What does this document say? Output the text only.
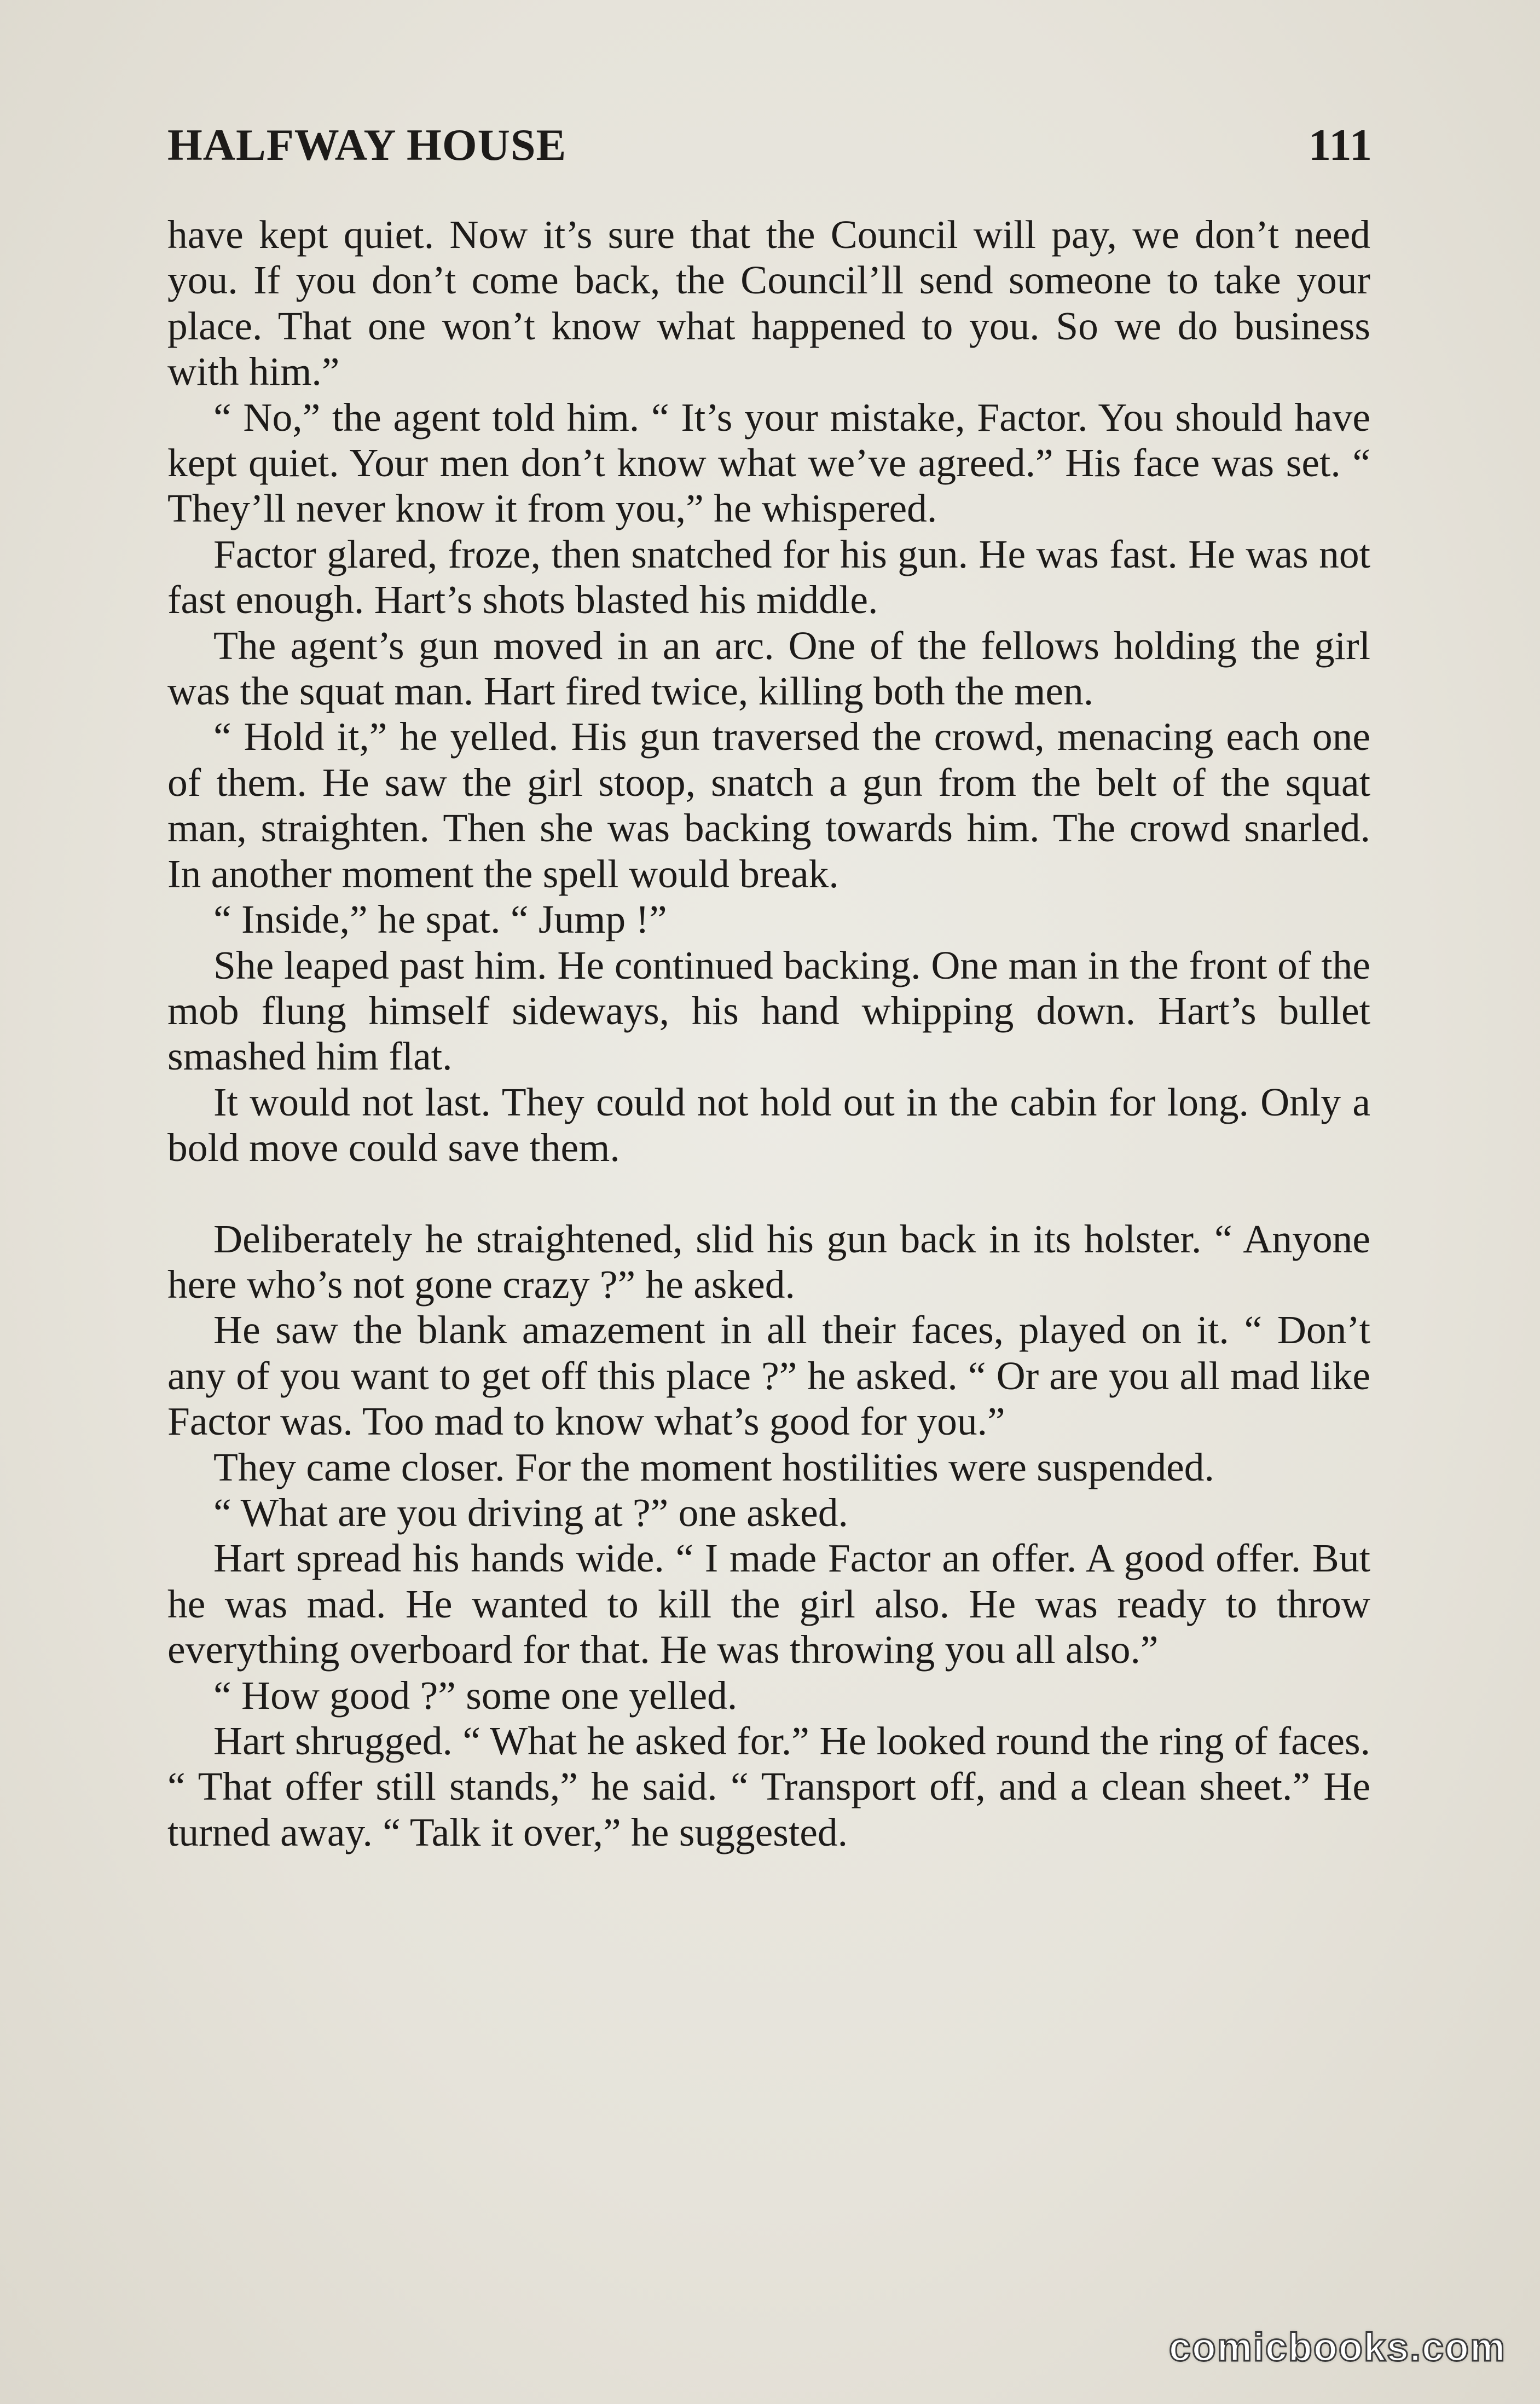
HALFWAY HOUSE	111

have kept quiet. Now it’s sure that the Council will pay, we don’t need you. If you don’t come back, the Council’ll send someone to take your place. That one won’t know what happened to you. So we do business with him.”

“ No,” the agent told him. “ It’s your mistake, Factor. You should have kept quiet. Your men don’t know what we’ve agreed.” His face was set. “ They’ll never know it from you,” he whispered.

Factor glared, froze, then snatched for his gun. He was fast. He was not fast enough. Hart’s shots blasted his middle.

The agent’s gun moved in an arc. One of the fellows holding the girl was the squat man. Hart fired twice, killing both the men.

“ Hold it,” he yelled. His gun traversed the crowd, menacing each one of them. He saw the girl stoop, snatch a gun from the belt of the squat man, straighten. Then she was backing towards him. The crowd snarled. In another moment the spell would break.

“ Inside,” he spat. “ Jump !”

She leaped past him. He continued backing. One man in the front of the mob flung himself sideways, his hand whipping down. Hart’s bullet smashed him flat.

It would not last. They could not hold out in the cabin for long. Only a bold move could save them.

Deliberately he straightened, slid his gun back in its holster. “ Anyone here who’s not gone crazy ?” he asked.

He saw the blank amazement in all their faces, played on it. “ Don’t any of you want to get off this place ?” he asked. “ Or are you all mad like Factor was. Too mad to know what’s good for you.”

They came closer. For the moment hostilities were suspended.

“ What are you driving at ?” one asked.

Hart spread his hands wide. “ I made Factor an offer. A good offer. But he was mad. He wanted to kill the girl also. He was ready to throw everything overboard for that. He was throwing you all also.”

“ How good ?” some one yelled.

Hart shrugged. “ What he asked for.” He looked round the ring of faces. “ That offer still stands,” he said. “ Transport off, and a clean sheet.” He turned away. “ Talk it over,” he suggested.

comicbooks.com
